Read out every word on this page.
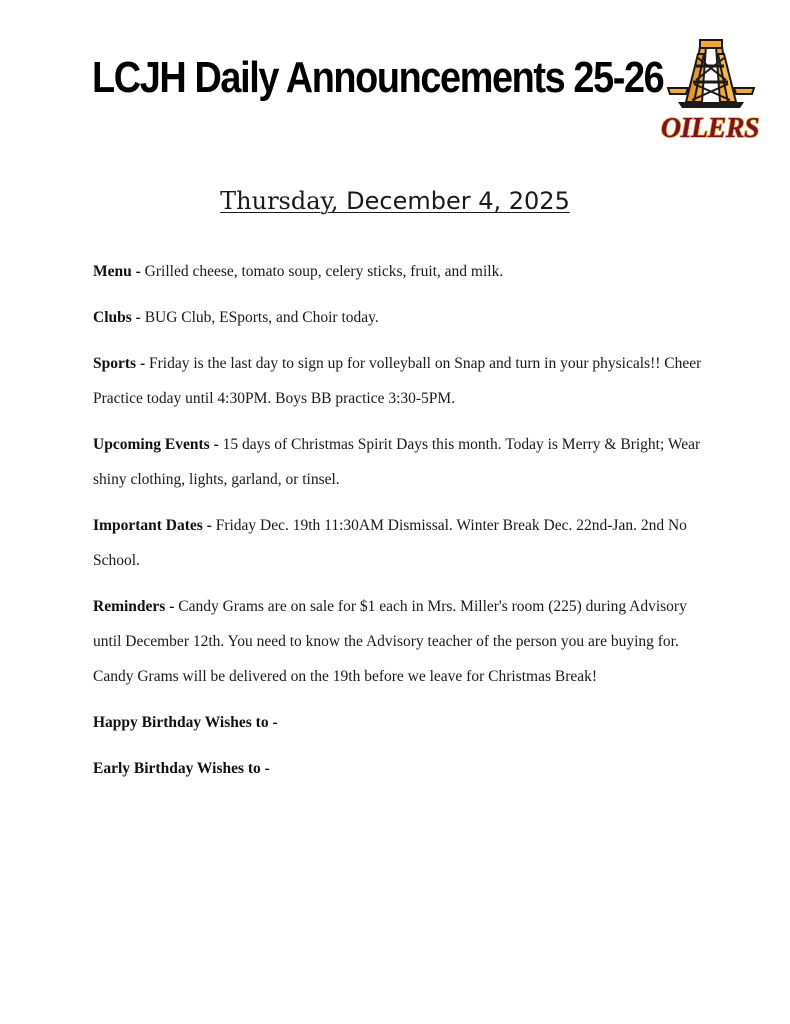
LCJH Daily Announcements 25-26
OILERS
Thursday, December 4, 2025

Menu - Grilled cheese, tomato soup, celery sticks, fruit, and milk.

Clubs - BUG Club, ESports, and Choir today.

Sports - Friday is the last day to sign up for volleyball on Snap and turn in your physicals!! Cheer Practice today until 4:30PM. Boys BB practice 3:30-5PM.

Upcoming Events - 15 days of Christmas Spirit Days this month. Today is Merry & Bright; Wear shiny clothing, lights, garland, or tinsel.

Important Dates - Friday Dec. 19th 11:30AM Dismissal. Winter Break Dec. 22nd-Jan. 2nd No School.

Reminders - Candy Grams are on sale for $1 each in Mrs. Miller's room (225) during Advisory until December 12th. You need to know the Advisory teacher of the person you are buying for. Candy Grams will be delivered on the 19th before we leave for Christmas Break!

Happy Birthday Wishes to -

Early Birthday Wishes to -
